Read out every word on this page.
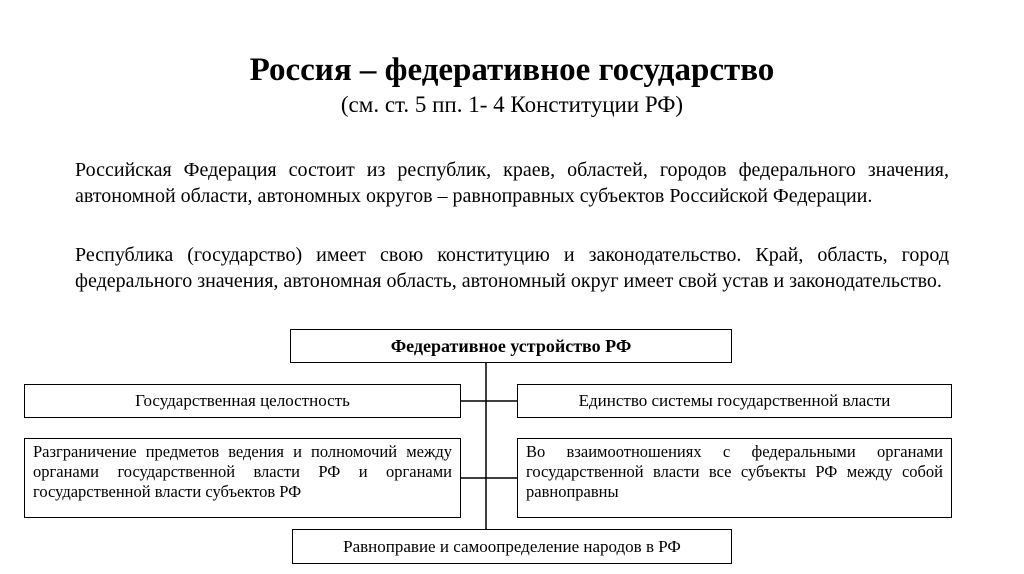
Россия – федеративное государство
(см. ст. 5 пп. 1- 4 Конституции РФ)

Российская Федерация состоит из республик, краев, областей, городов федерального значения, автономной области, автономных округов – равноправных субъектов Российской Федерации.

Республика (государство) имеет свою конституцию и законодательство. Край, область, город федерального значения, автономная область, автономный округ имеет свой устав и законодательство.

Федеративное устройство РФ
Государственная целостность	Единство системы государственной власти
Разграничение предметов ведения и полномочий между органами государственной власти РФ и органами государственной власти субъектов РФ
Во взаимоотношениях с федеральными органами государственной власти все субъекты РФ между собой равноправны
Равноправие и самоопределение народов в РФ
